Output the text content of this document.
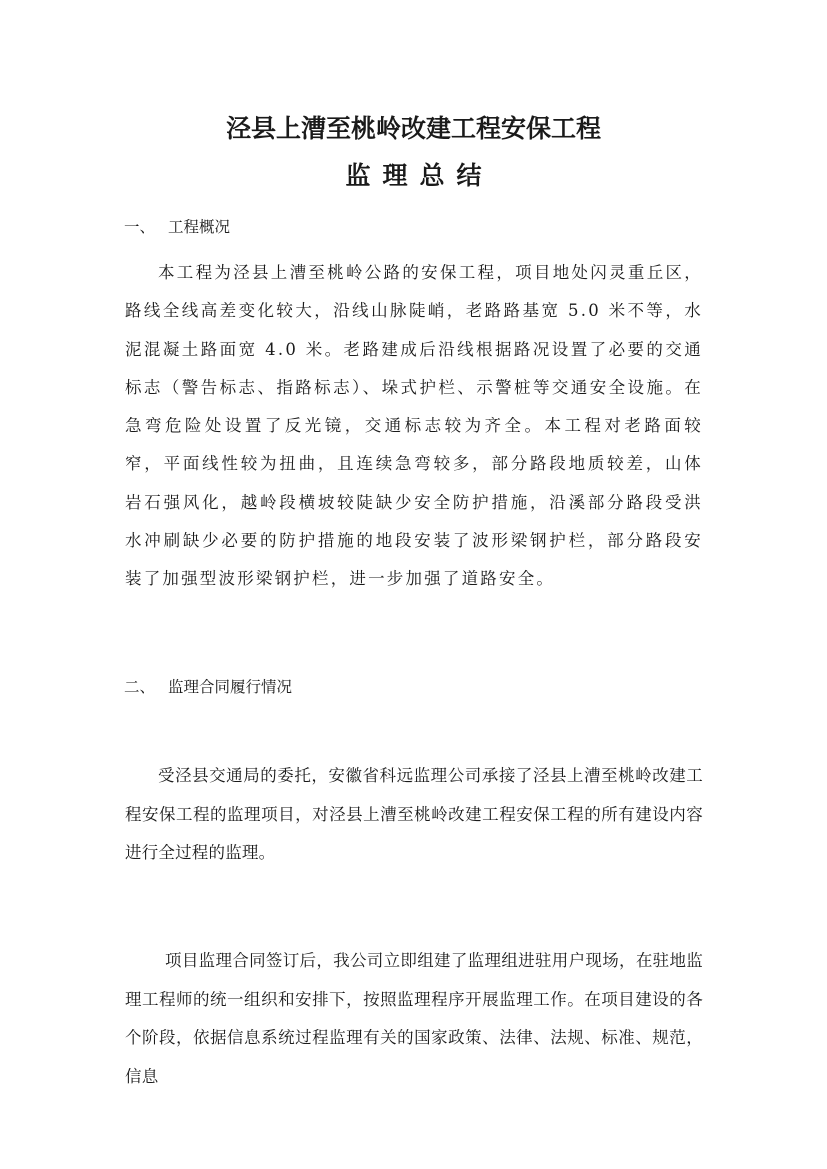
泾县上漕至桃岭改建工程安保工程
监理总结
一、 工程概况
本工程为泾县上漕至桃岭公路的安保工程，项目地处闪灵重丘区，路线全线高差变化较大，沿线山脉陡峭，老路路基宽 5.0 米不等，水泥混凝土路面宽 4.0 米。老路建成后沿线根据路况设置了必要的交通标志（警告标志、指路标志）、垛式护栏、示警桩等交通安全设施。在急弯危险处设置了反光镜，交通标志较为齐全。本工程对老路面较窄，平面线性较为扭曲，且连续急弯较多，部分路段地质较差，山体岩石强风化，越岭段横坡较陡缺少安全防护措施，沿溪部分路段受洪水冲刷缺少必要的防护措施的地段安装了波形梁钢护栏，部分路段安装了加强型波形梁钢护栏，进一步加强了道路安全。
二、 监理合同履行情况
受泾县交通局的委托，安徽省科远监理公司承接了泾县上漕至桃岭改建工程安保工程的监理项目，对泾县上漕至桃岭改建工程安保工程的所有建设内容进行全过程的监理。
项目监理合同签订后，我公司立即组建了监理组进驻用户现场，在驻地监理工程师的统一组织和安排下，按照监理程序开展监理工作。在项目建设的各个阶段，依据信息系统过程监理有关的国家政策、法律、法规、标准、规范，信息
